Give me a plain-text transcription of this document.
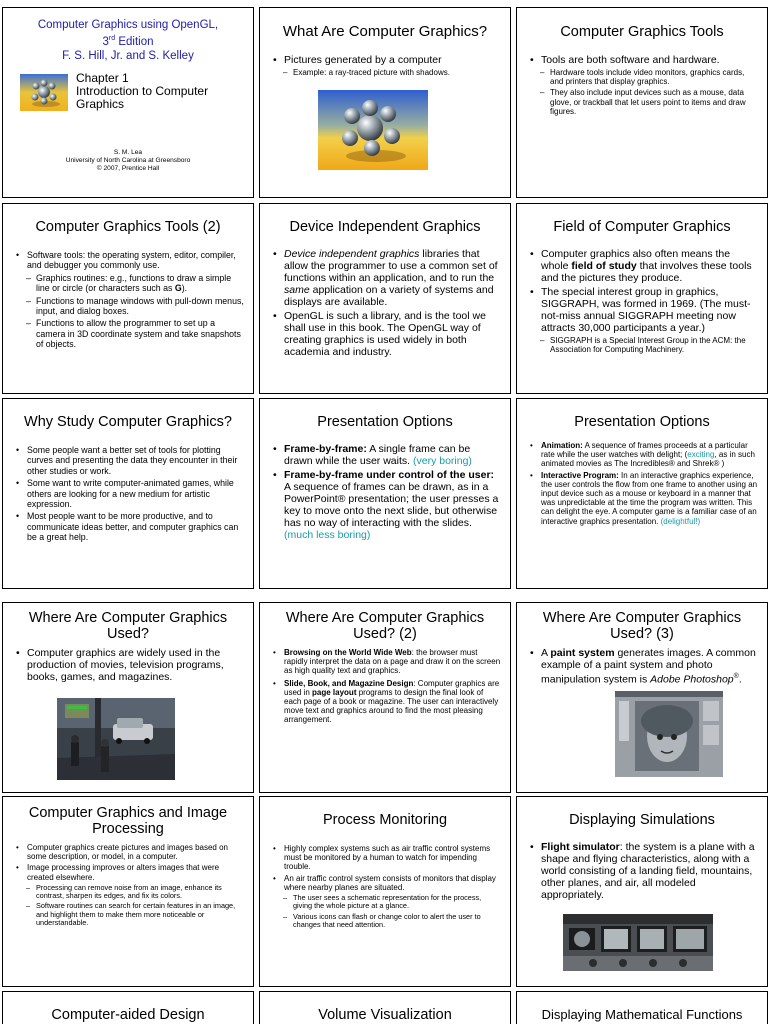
Computer Graphics using OpenGL,
3rd Edition
F. S. Hill, Jr. and S. Kelley
Chapter 1
Introduction to Computer
Graphics
S. M. Lea
University of North Carolina at Greensboro
© 2007, Prentice Hall
What Are Computer Graphics?
• Pictures generated by a computer
– Example: a ray-traced picture with shadows.
Computer Graphics Tools
• Tools are both software and hardware.
– Hardware tools include video monitors, graphics cards, and printers that display graphics.
– They also include input devices such as a mouse, data glove, or trackball that let users point to items and draw figures.
Computer Graphics Tools (2)
• Software tools: the operating system, editor, compiler, and debugger you commonly use.
– Graphics routines: e.g., functions to draw a simple line or circle (or characters such as G).
– Functions to manage windows with pull-down menus, input, and dialog boxes.
– Functions to allow the programmer to set up a camera in 3D coordinate system and take snapshots of objects.
Device Independent Graphics
• Device independent graphics libraries that allow the programmer to use a common set of functions within an application, and to run the same application on a variety of systems and displays are available.
• OpenGL is such a library, and is the tool we shall use in this book. The OpenGL way of creating graphics is used widely in both academia and industry.
Field of Computer Graphics
• Computer graphics also often means the whole field of study that involves these tools and the pictures they produce.
• The special interest group in graphics, SIGGRAPH, was formed in 1969. (The must-not-miss annual SIGGRAPH meeting now attracts 30,000 participants a year.)
– SIGGRAPH is a Special Interest Group in the ACM: the Association for Computing Machinery.
Why Study Computer Graphics?
• Some people want a better set of tools for plotting curves and presenting the data they encounter in their other studies or work.
• Some want to write computer-animated games, while others are looking for a new medium for artistic expression.
• Most people want to be more productive, and to communicate ideas better, and computer graphics can be a great help.
Presentation Options
• Frame-by-frame: A single frame can be drawn while the user waits. (very boring)
• Frame-by-frame under control of the user: A sequence of frames can be drawn, as in a PowerPoint® presentation; the user presses a key to move onto the next slide, but otherwise has no way of interacting with the slides. (much less boring)
Presentation Options
• Animation: A sequence of frames proceeds at a particular rate while the user watches with delight; (exciting, as in such animated movies as The Incredibles® and Shrek® )
• Interactive Program: In an interactive graphics experience, the user controls the flow from one frame to another using an input device such as a mouse or keyboard in a manner that was unpredictable at the time the program was written. This can delight the eye. A computer game is a familiar case of an interactive graphics presentation. (delightful!)
Where Are Computer Graphics
Used?
• Computer graphics are widely used in the production of movies, television programs, books, games, and magazines.
Where Are Computer Graphics
Used? (2)
• Browsing on the World Wide Web: the browser must rapidly interpret the data on a page and draw it on the screen as high quality text and graphics.
• Slide, Book, and Magazine Design: Computer graphics are used in page layout programs to design the final look of each page of a book or magazine. The user can interactively move text and graphics around to find the most pleasing arrangement.
Where Are Computer Graphics
Used? (3)
• A paint system generates images. A common example of a paint system and photo manipulation system is Adobe Photoshop®.
Computer Graphics and Image
Processing
• Computer graphics create pictures and images based on some description, or model, in a computer.
• Image processing improves or alters images that were created elsewhere.
– Processing can remove noise from an image, enhance its contrast, sharpen its edges, and fix its colors.
– Software routines can search for certain features in an image, and highlight them to make them more noticeable or understandable.
Process Monitoring
• Highly complex systems such as air traffic control systems must be monitored by a human to watch for impending trouble.
• An air traffic control system consists of monitors that display where nearby planes are situated.
– The user sees a schematic representation for the process, giving the whole picture at a glance.
– Various icons can flash or change color to alert the user to changes that need attention.
Displaying Simulations
• Flight simulator: the system is a plane with a shape and flying characteristics, along with a world consisting of a landing field, mountains, other planes, and air, all modeled appropriately.
Computer-aided Design	Volume Visualization	Displaying Mathematical Functions
